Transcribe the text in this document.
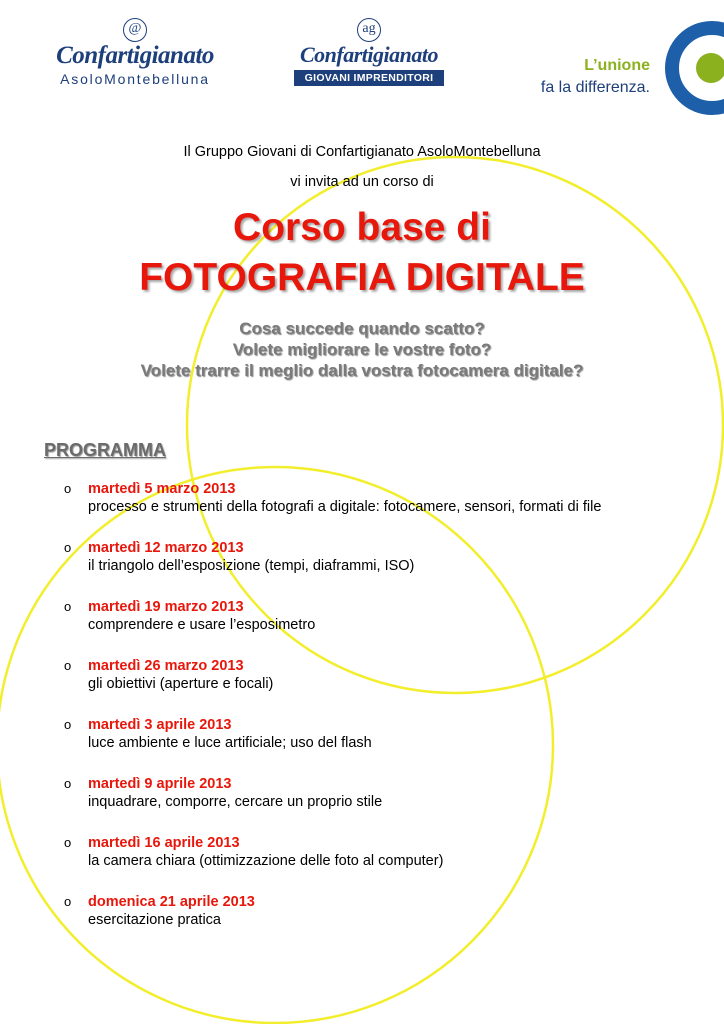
@
Confartigianato
AsoloMontebelluna
ag
Confartigianato
GIOVANI IMPRENDITORI
L’unione
fa la differenza.
Il Gruppo Giovani di Confartigianato AsoloMontebelluna
vi invita ad un corso di
Corso base di
FOTOGRAFIA DIGITALE
Cosa succede quando scatto?
Volete migliorare le vostre foto?
Volete trarre il meglio dalla vostra fotocamera digitale?
PROGRAMMA
o martedì 5 marzo 2013
processo e strumenti della fotografi a digitale: fotocamere, sensori, formati di file
o martedì 12 marzo 2013
il triangolo dell’esposizione (tempi, diaframmi, ISO)
o martedì 19 marzo 2013
comprendere e usare l’esposimetro
o martedì 26 marzo 2013
gli obiettivi (aperture e focali)
o martedì 3 aprile 2013
luce ambiente e luce artificiale; uso del flash
o martedì 9 aprile 2013
inquadrare, comporre, cercare un proprio stile
o martedì 16 aprile 2013
la camera chiara (ottimizzazione delle foto al computer)
o domenica 21 aprile 2013
esercitazione pratica
